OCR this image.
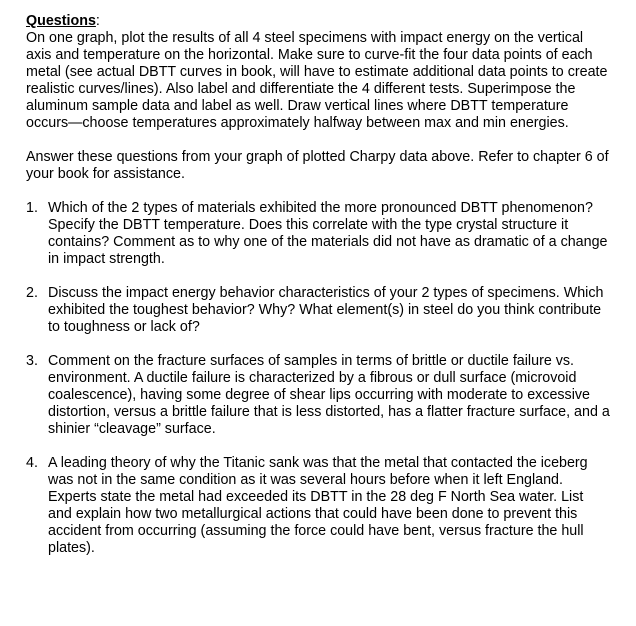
Questions:
On one graph, plot the results of all 4 steel specimens with impact energy on the vertical axis and temperature on the horizontal. Make sure to curve-fit the four data points of each metal (see actual DBTT curves in book, will have to estimate additional data points to create realistic curves/lines). Also label and differentiate the 4 different tests. Superimpose the aluminum sample data and label as well. Draw vertical lines where DBTT temperature occurs—choose temperatures approximately halfway between max and min energies.
Answer these questions from your graph of plotted Charpy data above. Refer to chapter 6 of your book for assistance.
1. Which of the 2 types of materials exhibited the more pronounced DBTT phenomenon? Specify the DBTT temperature. Does this correlate with the type crystal structure it contains? Comment as to why one of the materials did not have as dramatic of a change in impact strength.
2. Discuss the impact energy behavior characteristics of your 2 types of specimens. Which exhibited the toughest behavior? Why? What element(s) in steel do you think contribute to toughness or lack of?
3. Comment on the fracture surfaces of samples in terms of brittle or ductile failure vs. environment. A ductile failure is characterized by a fibrous or dull surface (microvoid coalescence), having some degree of shear lips occurring with moderate to excessive distortion, versus a brittle failure that is less distorted, has a flatter fracture surface, and a shinier “cleavage” surface.
4. A leading theory of why the Titanic sank was that the metal that contacted the iceberg was not in the same condition as it was several hours before when it left England. Experts state the metal had exceeded its DBTT in the 28 deg F North Sea water. List and explain how two metallurgical actions that could have been done to prevent this accident from occurring (assuming the force could have bent, versus fracture the hull plates).
